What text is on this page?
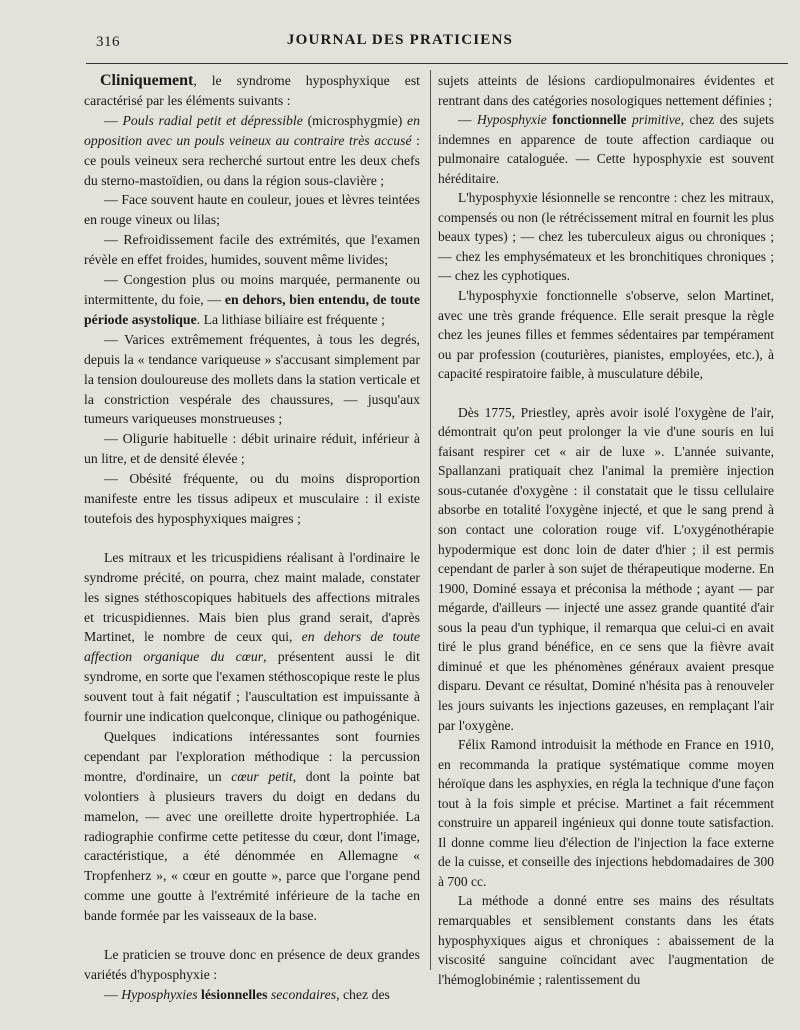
316	JOURNAL DES PRATICIENS

Cliniquement, le syndrome hyposphyxique est caractérisé par les éléments suivants :

— Pouls radial petit et dépressible (microsphygmie) en opposition avec un pouls veineux au contraire très accusé : ce pouls veineux sera recherché surtout entre les deux chefs du sterno-mastoïdien, ou dans la région sous-clavière ;

— Face souvent haute en couleur, joues et lèvres teintées en rouge vineux ou lilas;

— Refroidissement facile des extrémités, que l'examen révèle en effet froides, humides, souvent même livides;

— Congestion plus ou moins marquée, permanente ou intermittente, du foie, — en dehors, bien entendu, de toute période asystolique. La lithiase biliaire est fréquente ;

— Varices extrêmement fréquentes, à tous les degrés, depuis la « tendance variqueuse » s'accusant simplement par la tension douloureuse des mollets dans la station verticale et la constriction vespérale des chaussures, — jusqu'aux tumeurs variqueuses monstrueuses ;

— Oligurie habituelle : débit urinaire réduit, inférieur à un litre, et de densité élevée ;

— Obésité fréquente, ou du moins disproportion manifeste entre les tissus adipeux et musculaire : il existe toutefois des hyposphyxiques maigres ;

Les mitraux et les tricuspidiens réalisant à l'ordinaire le syndrome précité, on pourra, chez maint malade, constater les signes stéthoscopiques habituels des affections mitrales et tricuspidiennes. Mais bien plus grand serait, d'après Martinet, le nombre de ceux qui, en dehors de toute affection organique du cœur, présentent aussi le dit syndrome, en sorte que l'examen stéthoscopique reste le plus souvent tout à fait négatif ; l'auscultation est impuissante à fournir une indication quelconque, clinique ou pathogénique.

Quelques indications intéressantes sont fournies cependant par l'exploration méthodique : la percussion montre, d'ordinaire, un cœur petit, dont la pointe bat volontiers à plusieurs travers du doigt en dedans du mamelon, — avec une oreillette droite hypertrophiée. La radiographie confirme cette petitesse du cœur, dont l'image, caractéristique, a été dénommée en Allemagne « Tropfenherz », « cœur en goutte », parce que l'organe pend comme une goutte à l'extrémité inférieure de la tache en bande formée par les vaisseaux de la base.

Le praticien se trouve donc en présence de deux grandes variétés d'hyposphyxie :

— Hyposphyxies lésionnelles secondaires, chez des

sujets atteints de lésions cardiopulmonaires évidentes et rentrant dans des catégories nosologiques nettement définies ;

— Hyposphyxie fonctionnelle primitive, chez des sujets indemnes en apparence de toute affection cardiaque ou pulmonaire cataloguée. — Cette hyposphyxie est souvent héréditaire.

L'hyposphyxie lésionnelle se rencontre : chez les mitraux, compensés ou non (le rétrécissement mitral en fournit les plus beaux types) ; — chez les tuberculeux aigus ou chroniques ; — chez les emphysémateux et les bronchitiques chroniques ; — chez les cyphotiques.

L'hyposphyxie fonctionnelle s'observe, selon Martinet, avec une très grande fréquence. Elle serait presque la règle chez les jeunes filles et femmes sédentaires par tempérament ou par profession (couturières, pianistes, employées, etc.), à capacité respiratoire faible, à musculature débile,

Dès 1775, Priestley, après avoir isolé l'oxygène de l'air, démontrait qu'on peut prolonger la vie d'une souris en lui faisant respirer cet « air de luxe ». L'année suivante, Spallanzani pratiquait chez l'animal la première injection sous-cutanée d'oxygène : il constatait que le tissu cellulaire absorbe en totalité l'oxygène injecté, et que le sang prend à son contact une coloration rouge vif. L'oxygénothérapie hypodermique est donc loin de dater d'hier ; il est permis cependant de parler à son sujet de thérapeutique moderne. En 1900, Dominé essaya et préconisa la méthode ; ayant — par mégarde, d'ailleurs — injecté une assez grande quantité d'air sous la peau d'un typhique, il remarqua que celui-ci en avait tiré le plus grand bénéfice, en ce sens que la fièvre avait diminué et que les phénomènes généraux avaient presque disparu. Devant ce résultat, Dominé n'hésita pas à renouveler les jours suivants les injections gazeuses, en remplaçant l'air par l'oxygène.

Félix Ramond introduisit la méthode en France en 1910, en recommanda la pratique systématique comme moyen héroïque dans les asphyxies, en régla la technique d'une façon tout à la fois simple et précise. Martinet a fait récemment construire un appareil ingénieux qui donne toute satisfaction. Il donne comme lieu d'élection de l'injection la face externe de la cuisse, et conseille des injections hebdomadaires de 300 à 700 cc.

La méthode a donné entre ses mains des résultats remarquables et sensiblement constants dans les états hyposphyxiques aigus et chroniques : abaissement de la viscosité sanguine coïncidant avec l'augmentation de l'hémoglobinémie ; ralentissement du
